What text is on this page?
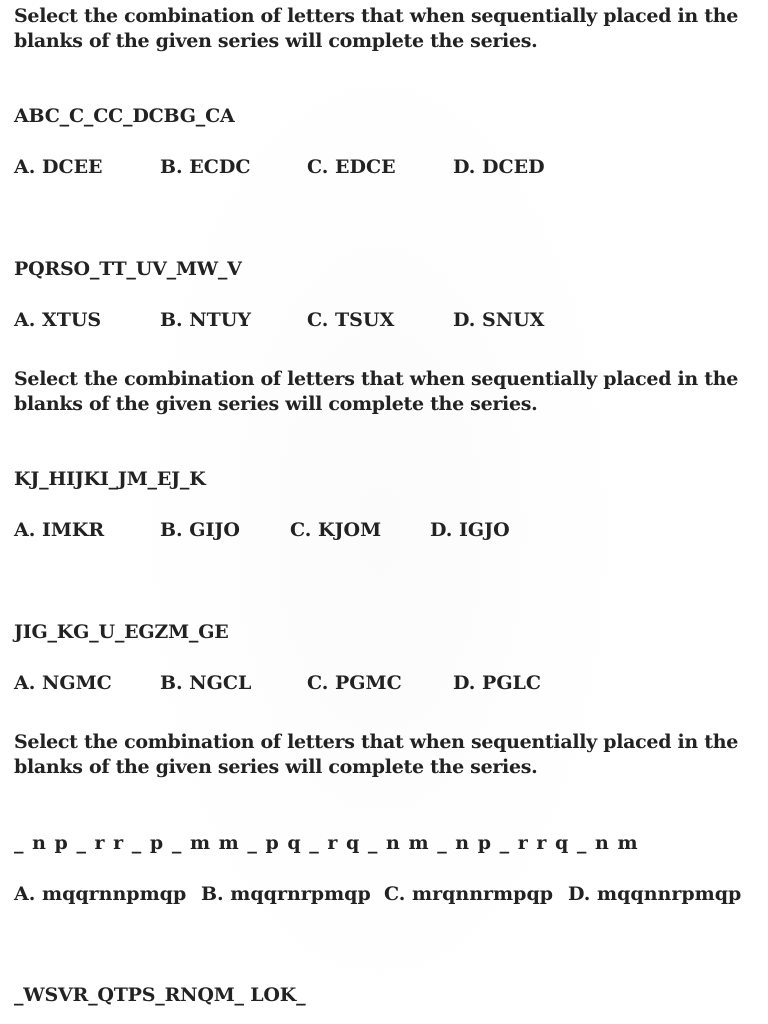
Select the combination of letters that when sequentially placed in the
blanks of the given series will complete the series.
ABC_C_CC_DCBG_CA
A. DCEE	B. ECDC	C. EDCE	D. DCED
PQRSO_TT_UV_MW_V
A. XTUS	B. NTUY	C. TSUX	D. SNUX
Select the combination of letters that when sequentially placed in the
blanks of the given series will complete the series.
KJ_HIJKI_JM_EJ_K
A. IMKR	B. GIJO	C. KJOM	D. IGJO
JIG_KG_U_EGZM_GE
A. NGMC	B. NGCL	C. PGMC	D. PGLC
Select the combination of letters that when sequentially placed in the
blanks of the given series will complete the series.
_ n p _ r r _ p _ m m _ p q _ r q _ n m _ n p _ r r q _ n m
A. mqqrnnpmqp B. mqqrnrpmqp C. mrqnnrmpqp D. mqqnnrpmqp
_WSVR_QTPS_RNQM_ LOK_
